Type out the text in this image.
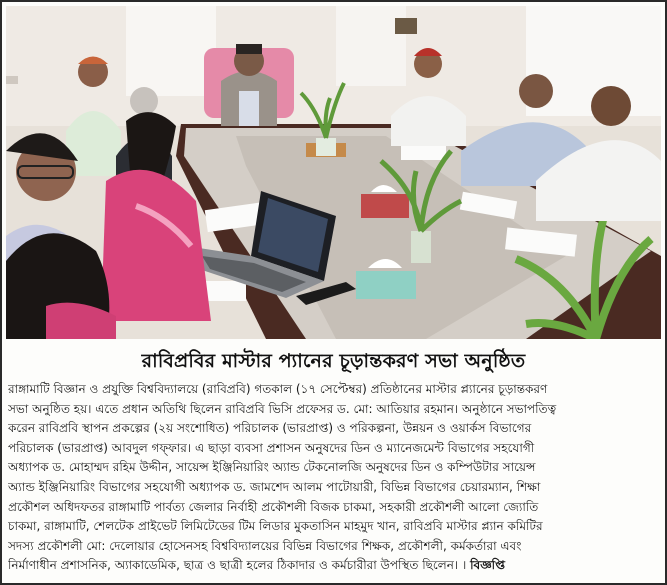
রাবিপ্রবির মাস্টার প্যানের চূড়ান্তকরণ সভা অনুষ্ঠিত
রাঙ্গামাটি বিজ্ঞান ও প্রযুক্তি বিশ্ববিদ্যালয়ে (রাবিপ্রবি) গতকাল (১৭ সেপ্টেম্বর) প্রতিষ্ঠানের মাস্টার প্ল্যানের চূড়ান্তকরণ
সভা অনুষ্ঠিত হয়। এতে প্রধান অতিথি ছিলেন রাবিপ্রবি ভিসি প্রফেসর ড. মো: আতিয়ার রহমান। অনুষ্ঠানে সভাপতিত্ব
করেন রাবিপ্রবি স্থাপন প্রকল্পের (২য় সংশোধিত) পরিচালক (ভারপ্রাপ্ত) ও পরিকল্পনা, উন্নয়ন ও ওয়ার্কস বিভাগের
পরিচালক (ভারপ্রাপ্ত) আবদুল গফ্ফার। এ ছাড়া ব্যবসা প্রশাসন অনুষদের ডিন ও ম্যানেজমেন্ট বিভাগের সহযোগী
অধ্যাপক ড. মোহাম্মদ রহিম উদ্দীন, সায়েন্স ইঞ্জিনিয়ারিং অ্যান্ড টেকনোলজি অনুষদের ডিন ও কম্পিউটার সায়েন্স
অ্যান্ড ইঞ্জিনিয়ারিং বিভাগের সহযোগী অধ্যাপক ড. জামশেদ আলম পাটোয়ারী, বিভিন্ন বিভাগের চেয়ারম্যান, শিক্ষা
প্রকৌশল অধিদফতর রাঙ্গামাটি পার্বত্য জেলার নির্বাহী প্রকৌশলী বিজক চাকমা, সহকারী প্রকৌশলী আলো জ্যোতি
চাকমা, রাঙ্গামাটি, শেলটেক প্রাইভেট লিমিটেডের টিম লিডার মুকতাসিন মাহমুদ খান, রাবিপ্রবি মাস্টার প্ল্যান কমিটির
সদস্য প্রকৌশলী মো: দেলোয়ার হোসেনসহ বিশ্ববিদ্যালয়ের বিভিন্ন বিভাগের শিক্ষক, প্রকৌশলী, কর্মকর্তারা এবং
নির্মাণাধীন প্রশাসনিক, অ্যাকাডেমিক, ছাত্র ও ছাত্রী হলের ঠিকাদার ও কর্মচারীরা উপস্থিত ছিলেন। । বিজ্ঞপ্তি
